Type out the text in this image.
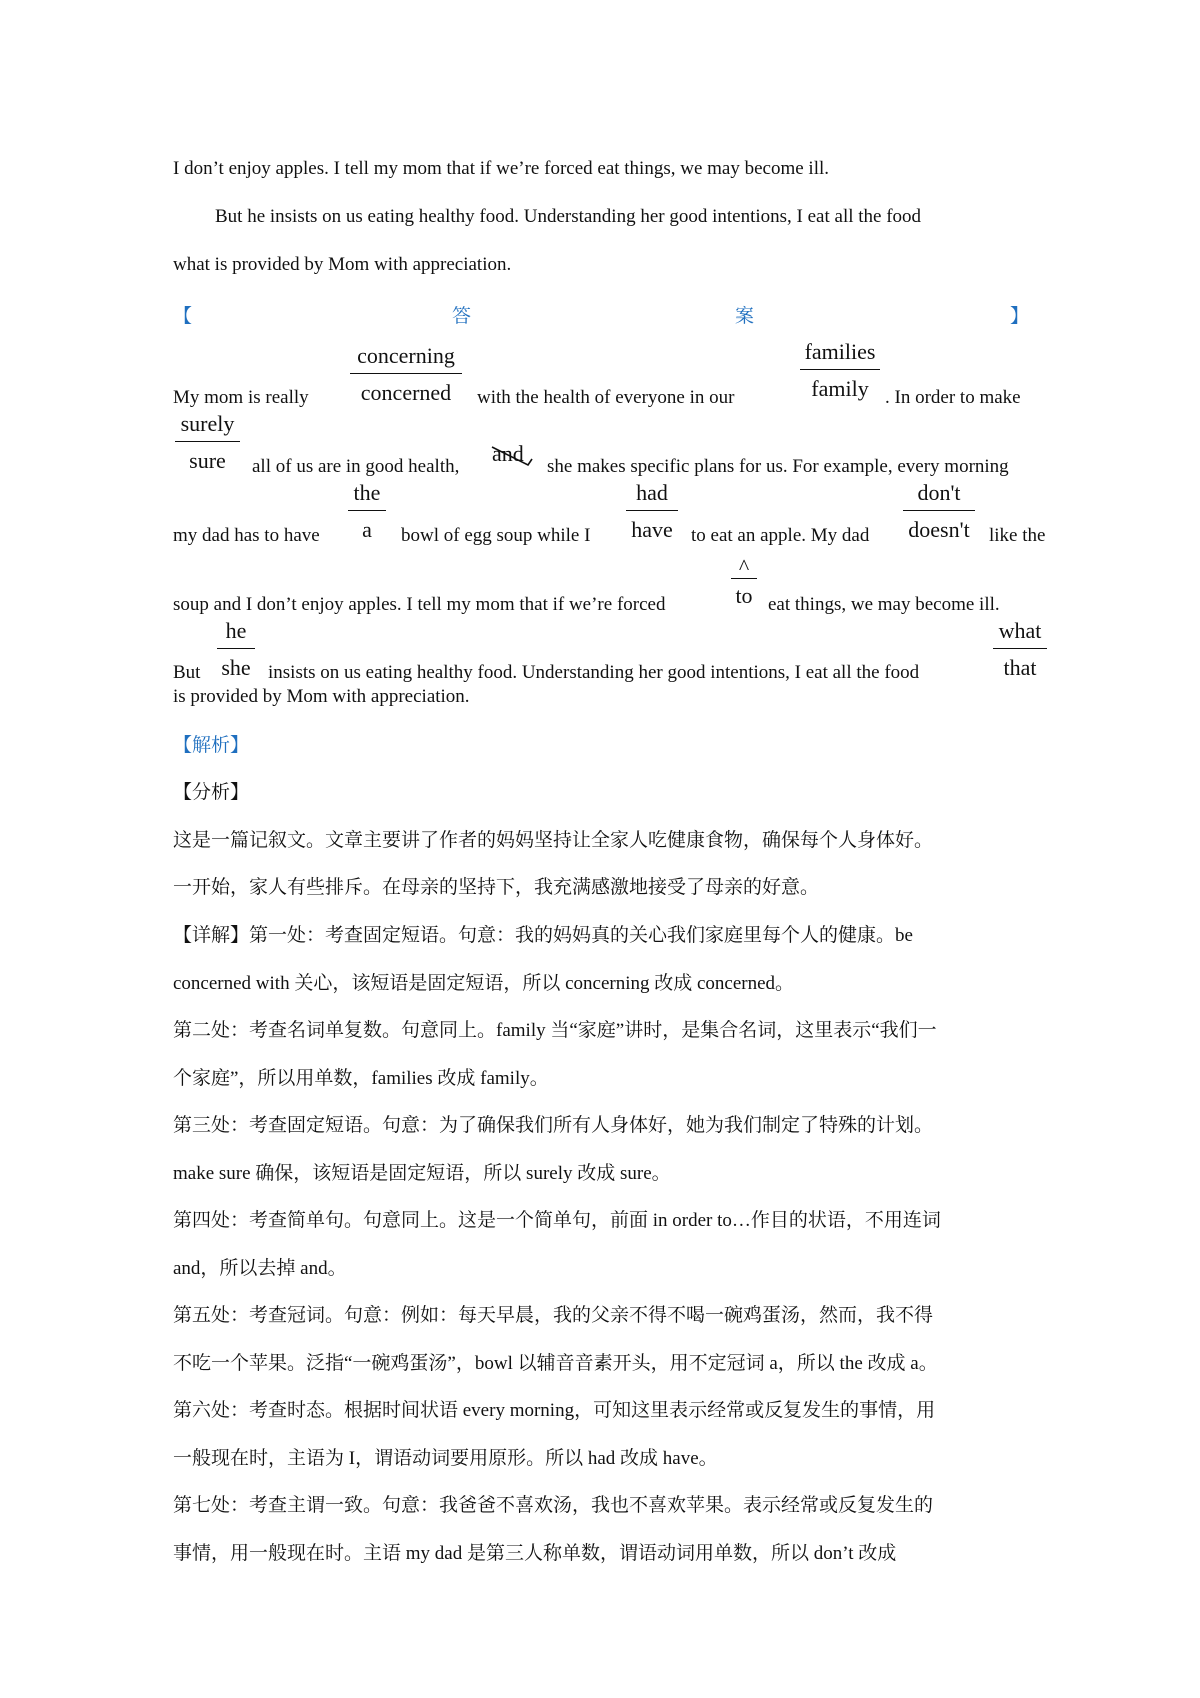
I don’t enjoy apples. I tell my mom that if we’re forced eat things, we may become ill.
But he insists on us eating healthy food. Understanding her good intentions, I eat all the food
what is provided by Mom with appreciation.
【	答	案	】
My mom is really
concerning
concerned	with the health of everyone in our
families
family . In order to make
surely
sure	all of us are in good health,
and
she makes specific plans for us. For example, every morning
my dad has to have
the
a	bowl of egg soup while I
had
have to eat an apple. My dad
don't
doesn't like the
soup and I don’t enjoy apples. I tell my mom that if we’re forced
^
to eat things, we may become ill.
But
he
she insists on us eating healthy food. Understanding her good intentions, I eat all the food
what
that
is provided by Mom with appreciation.
【解析】
【分析】
这是一篇记叙文。文章主要讲了作者的妈妈坚持让全家人吃健康食物，确保每个人身体好。
一开始，家人有些排斥。在母亲的坚持下，我充满感激地接受了母亲的好意。
【详解】第一处：考查固定短语。句意：我的妈妈真的关心我们家庭里每个人的健康。be
concerned with 关心，该短语是固定短语，所以 concerning 改成 concerned。
第二处：考查名词单复数。句意同上。family 当“家庭”讲时，是集合名词，这里表示“我们一
个家庭”，所以用单数，families 改成 family。
第三处：考查固定短语。句意：为了确保我们所有人身体好，她为我们制定了特殊的计划。
make sure 确保，该短语是固定短语，所以 surely 改成 sure。
第四处：考查简单句。句意同上。这是一个简单句，前面 in order to…作目的状语，不用连词
and，所以去掉 and。
第五处：考查冠词。句意：例如：每天早晨，我的父亲不得不喝一碗鸡蛋汤，然而，我不得
不吃一个苹果。泛指“一碗鸡蛋汤”，bowl 以辅音音素开头，用不定冠词 a，所以 the 改成 a。
第六处：考查时态。根据时间状语 every morning，可知这里表示经常或反复发生的事情，用
一般现在时，主语为 I，谓语动词要用原形。所以 had 改成 have。
第七处：考查主谓一致。句意：我爸爸不喜欢汤，我也不喜欢苹果。表示经常或反复发生的
事情，用一般现在时。主语 my dad 是第三人称单数，谓语动词用单数，所以 don’t 改成
